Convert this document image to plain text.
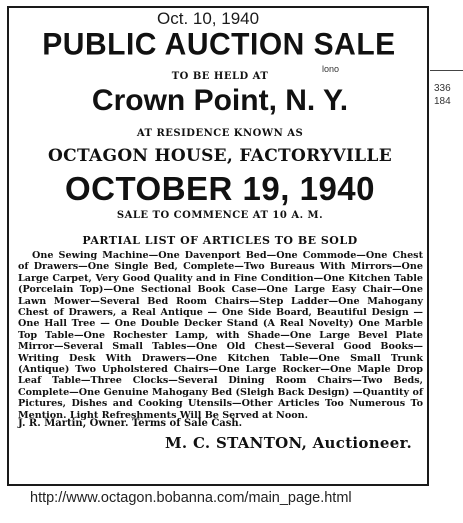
Oct. 10, 1940
PUBLIC AUCTION SALE
lono
336
184
TO BE HELD AT
Crown Point, N. Y.
AT RESIDENCE KNOWN AS
OCTAGON HOUSE, FACTORYVILLE
OCTOBER 19, 1940
SALE TO COMMENCE AT 10 A. M.
PARTIAL LIST OF ARTICLES TO BE SOLD

One Sewing Machine—One Davenport Bed—One Commode—One Chest of Drawers—One Single Bed, Complete—Two Bureaus With Mirrors—One Large Carpet, Very Good Quality and in Fine Condition—One Kitchen Table (Porcelain Top)—One Sectional Book Case—One Large Easy Chair—One Lawn Mower—Several Bed Room Chairs—Step Ladder—One Mahogany Chest of Drawers, a Real Antique — One Side Board, Beautiful Design — One Hall Tree — One Double Decker Stand (A Real Novelty) One Marble Top Table—One Rochester Lamp, with Shade—One Large Bevel Plate Mirror—Several Small Tables—One Old Chest—Several Good Books—Writing Desk With Drawers—One Kitchen Table—One Small Trunk (Antique) Two Upholstered Chairs—One Large Rocker—One Maple Drop Leaf Table—Three Clocks—Several Dining Room Chairs—Two Beds, Complete—One Genuine Mahogany Bed (Sleigh Back Design) —Quantity of Pictures, Dishes and Cooking Utensils—Other Articles Too Numerous To Mention. Light Refreshments Will Be Served at Noon.

J. R. Martin, Owner. Terms of Sale Cash.
M. C. STANTON, Auctioneer.
http://www.octagon.bobanna.com/main_page.html
